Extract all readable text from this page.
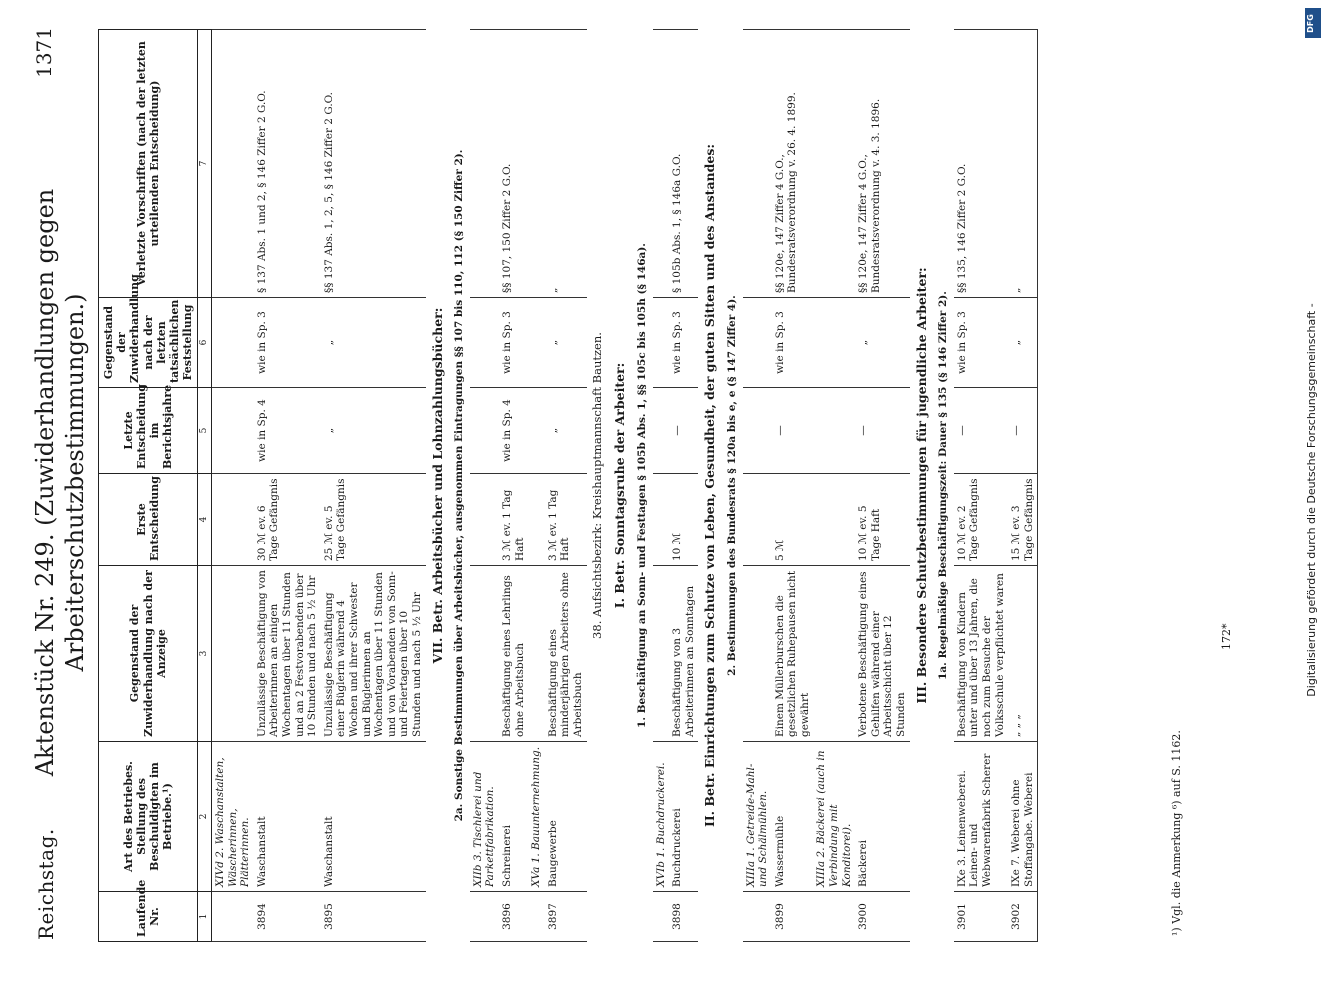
DFG
Digitalisierung gefördert durch die Deutsche Forschungsgemeinschaft -
Reichstag.
Aktenstück Nr. 249. (Zuwiderhandlungen gegen Arbeiterschutzbestimmungen.)
1371
Laufende Nr.	Art des Betriebes. Stellung des Beschuldigten im Betriebe.¹)	Gegenstand der Zuwiderhandlung nach der Anzeige	Erste Entscheidung	Letzte Entscheidung im Berichtsjahre	Gegenstand der Zuwiderhandlung nach der letzten tatsächlichen Feststellung	Verletzte Vorschriften (nach der letzten urteilenden Entscheidung)
1	2	3	4	5	6	7
	XIVd 2. Waschanstalten, Wäscherinnen, Plätterinnen.					
3894	Waschanstalt	Unzulässige Beschäftigung von Arbeiterinnen an einigen Wochentagen über 11 Stunden und an 2 Festvorabenden über 10 Stunden und nach 5 ½ Uhr	30 ℳ ev. 6 Tage Gefängnis	wie in Sp. 4	wie in Sp. 3	§ 137 Abs. 1 und 2, § 146 Ziffer 2 G.O.
3895	Waschanstalt	Unzulässige Beschäftigung einer Büglerin während 4 Wochen und ihrer Schwester und Büglerinnen an Wochentagen über 11 Stunden und von Vorabenden von Sonn- und Feiertagen über 10 Stunden und nach 5 ½ Uhr	25 ℳ ev. 5 Tage Gefängnis	„	„	§§ 137 Abs. 1, 2, 5, § 146 Ziffer 2 G.O.
VII. Betr. Arbeitsbücher und Lohnzahlungsbücher:						
2a. Sonstige Bestimmungen über Arbeitsbücher, ausgenommen Eintragungen §§ 107 bis 110, 112 (§ 150 Ziffer 2).						
	XIIb 3. Tischlerei und Parkettfabrikation.					
3896	Schreinerei	Beschäftigung eines Lehrlings ohne Arbeitsbuch	3 ℳ ev. 1 Tag Haft	wie in Sp. 4	wie in Sp. 3	§§ 107, 150 Ziffer 2 G.O.
	XVa 1. Bauunternehmung.					
3897	Baugewerbe	Beschäftigung eines minderjährigen Arbeiters ohne Arbeitsbuch	3 ℳ ev. 1 Tag Haft	„	„	„
38. Aufsichtsbezirk: Kreishauptmannschaft Bautzen.						
I. Betr. Sonntagsruhe der Arbeiter:						
1. Beschäftigung an Sonn- und Festtagen § 105b Abs. 1, §§ 105c bis 105h (§ 146a).						
	XVIb 1. Buchdruckerei.					
3898	Buchdruckerei	Beschäftigung von 3 Arbeiterinnen an Sonntagen	10 ℳ	—	wie in Sp. 3	§ 105b Abs. 1, § 146a G.O.
II. Betr. Einrichtungen zum Schutze von Leben, Gesundheit, der guten Sitten und des Anstandes:						
2. Bestimmungen des Bundesrats § 120a bis e, e (§ 147 Ziffer 4).						
	XIIIa 1. Getreide-Mahl- und Schälmühlen.					
3899	Wassermühle	Einem Müllerburschen die gesetzlichen Ruhepausen nicht gewährt	5 ℳ	—	wie in Sp. 3	§§ 120e, 147 Ziffer 4 G.O., Bundesratsverordnung v. 26. 4. 1899.
	XIIIa 2. Bäckerei (auch in Verbindung mit Konditorei).					
3900	Bäckerei	Verbotene Beschäftigung eines Gehilfen während einer Arbeitsschicht über 12 Stunden	10 ℳ ev. 5 Tage Haft	—	„	§§ 120e, 147 Ziffer 4 G.O., Bundesratsverordnung v. 4. 3. 1896.
III. Besondere Schutzbestimmungen für jugendliche Arbeiter:						
1a. Regelmäßige Beschäftigungszeit: Dauer § 135 (§ 146 Ziffer 2).						
3901	IXe 3. Leinenweberei. Leinen- und Webwarenfabrik Scherer	Beschäftigung von Kindern unter und über 13 Jahren, die noch zum Besuche der Volksschule verpflichtet waren	10 ℳ ev. 2 Tage Gefängnis	—	wie in Sp. 3	§§ 135, 146 Ziffer 2 G.O.
3902	IXe 7. Weberei ohne Stoffangabe. Weberei	„ „ „	15 ℳ ev. 3 Tage Gefängnis	—	„	„
¹) Vgl. die Anmerkung ⁶) auf S. 1162.
172*
